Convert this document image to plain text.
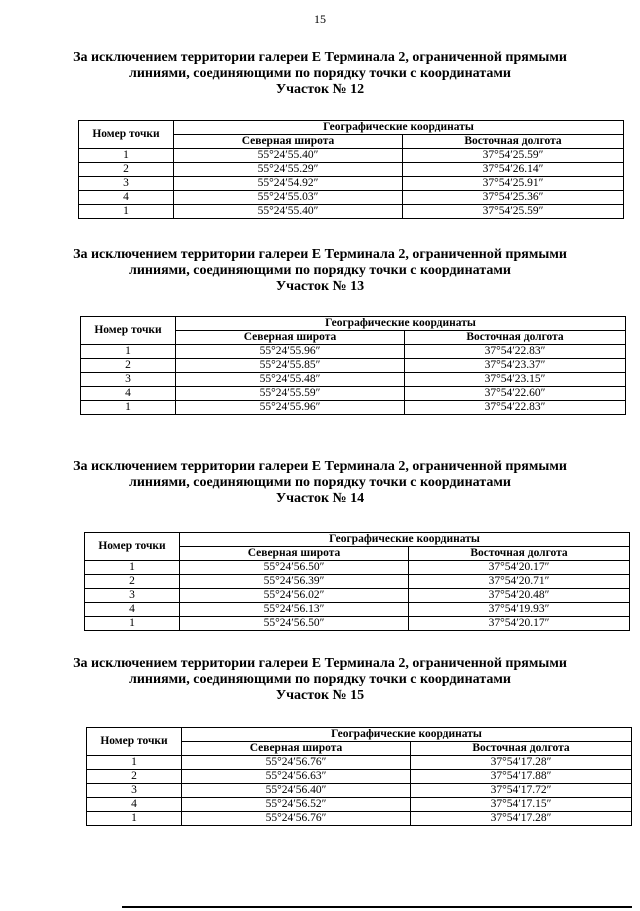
15
За исключением территории галереи Е Терминала 2, ограниченной прямыми
линиями, соединяющими по порядку точки с координатами
Участок № 12
Номер точки	Географические координаты	
	Северная широта	Восточная долгота
1	55°24′55.40″	37°54′25.59″
2	55°24′55.29″	37°54′26.14″
3	55°24′54.92″	37°54′25.91″
4	55°24′55.03″	37°54′25.36″
1	55°24′55.40″	37°54′25.59″
За исключением территории галереи Е Терминала 2, ограниченной прямыми
линиями, соединяющими по порядку точки с координатами
Участок № 13
Номер точки	Географические координаты	
	Северная широта	Восточная долгота
1	55°24′55.96″	37°54′22.83″
2	55°24′55.85″	37°54′23.37″
3	55°24′55.48″	37°54′23.15″
4	55°24′55.59″	37°54′22.60″
1	55°24′55.96″	37°54′22.83″
За исключением территории галереи Е Терминала 2, ограниченной прямыми
линиями, соединяющими по порядку точки с координатами
Участок № 14
Номер точки	Географические координаты	
	Северная широта	Восточная долгота
1	55°24′56.50″	37°54′20.17″
2	55°24′56.39″	37°54′20.71″
3	55°24′56.02″	37°54′20.48″
4	55°24′56.13″	37°54′19.93″
1	55°24′56.50″	37°54′20.17″
За исключением территории галереи Е Терминала 2, ограниченной прямыми
линиями, соединяющими по порядку точки с координатами
Участок № 15
Номер точки	Географические координаты	
	Северная широта	Восточная долгота
1	55°24′56.76″	37°54′17.28″
2	55°24′56.63″	37°54′17.88″
3	55°24′56.40″	37°54′17.72″
4	55°24′56.52″	37°54′17.15″
1	55°24′56.76″	37°54′17.28″
